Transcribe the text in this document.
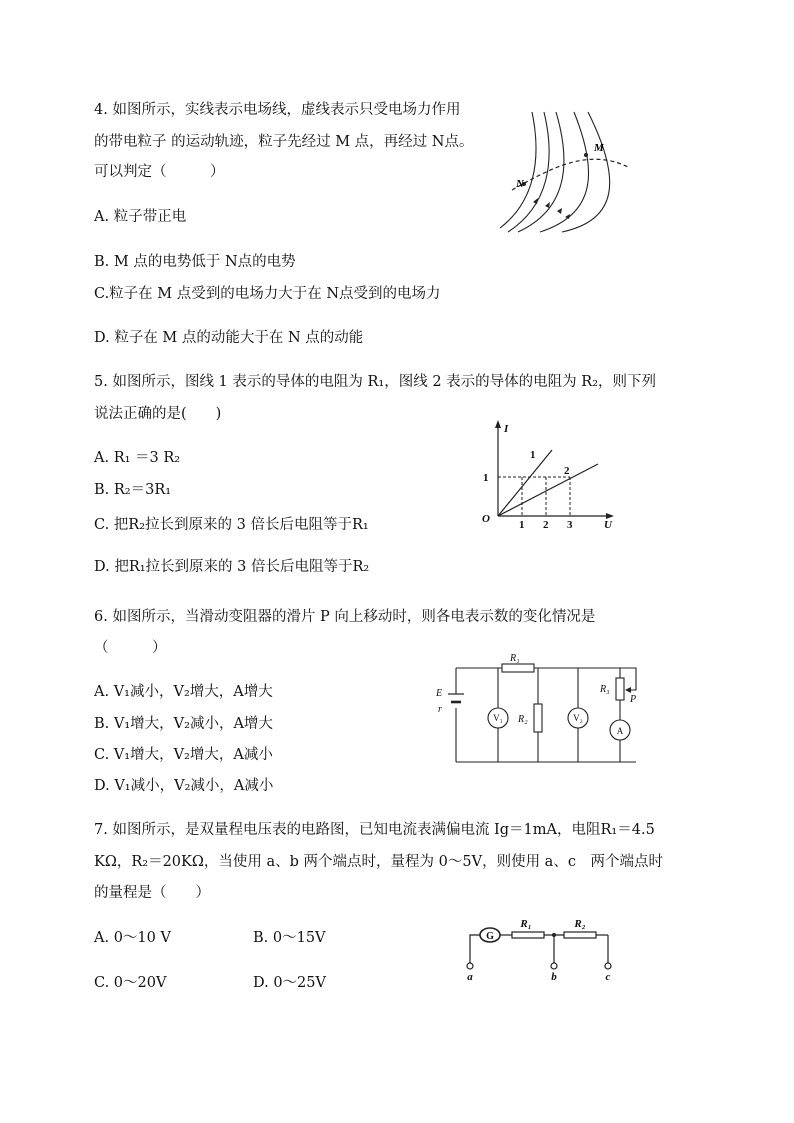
4. 如图所示，实线表示电场线，虚线表示只受电场力作用
的带电粒子 的运动轨迹，粒子先经过 M 点，再经过 N点。
可以判定（　　　）
A. 粒子带正电
B. M 点的电势低于 N点的电势
C.粒子在 M 点受到的电场力大于在 N点受到的电场力
D. 粒子在 M 点的动能大于在 N 点的动能
N
M
5. 如图所示，图线 1 表示的导体的电阻为 R₁，图线 2 表示的导体的电阻为 R₂，则下列
说法正确的是(　　)
A. R₁ ＝3 R₂
B. R₂＝3R₁
C. 把R₂拉长到原来的 3 倍长后电阻等于R₁
D. 把R₁拉长到原来的 3 倍长后电阻等于R₂
I
U
O
1
1 2 3
1
2
6. 如图所示，当滑动变阻器的滑片 P 向上移动时，则各电表示数的变化情况是
（　　　）
A. V₁减小，V₂增大，A增大
B. V₁增大，V₂减小，A增大
C. V₁增大，V₂增大，A减小
D. V₁减小，V₂减小，A减小
R₁
R₂
R₃
P
E
r
V₁	V₂
A
7. 如图所示，是双量程电压表的电路图，已知电流表满偏电流 Ig＝1mA，电阻R₁＝4.5
KΩ，R₂＝20KΩ，当使用 a、b 两个端点时，量程为 0～5V，则使用 a、c　两个端点时
的量程是（　　）
A. 0～10 V	B. 0～15V
C. 0～20V	D. 0～25V
G
R₁	R₂
a	b	c
